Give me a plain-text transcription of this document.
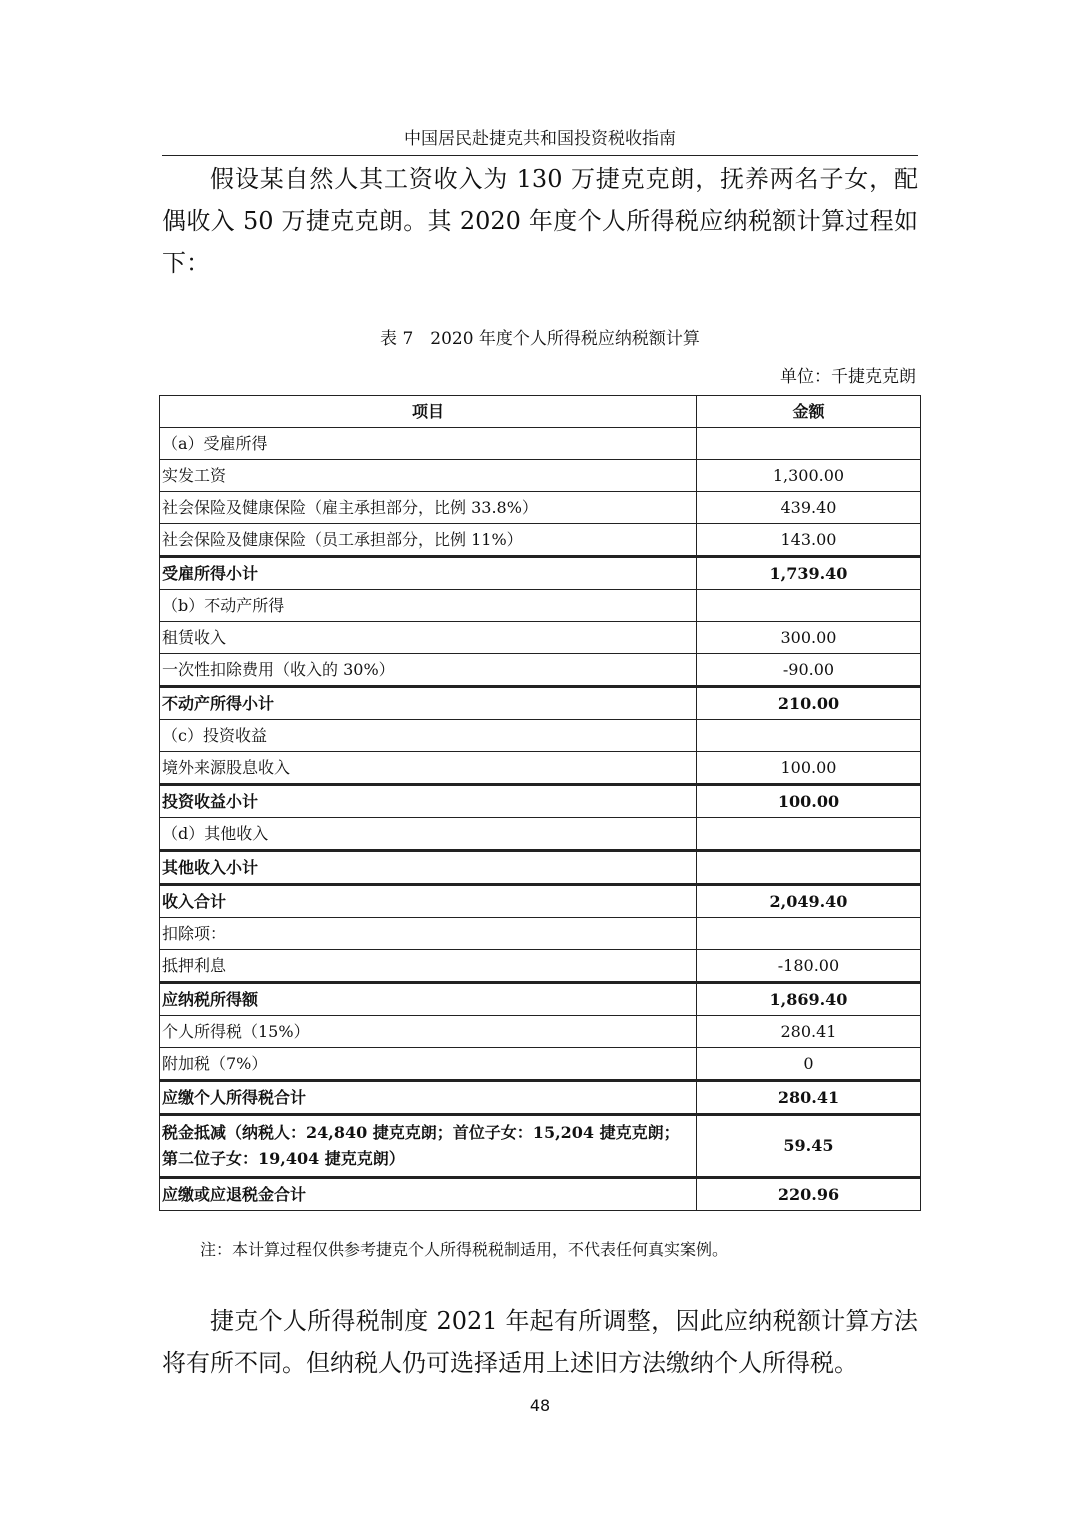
中国居民赴捷克共和国投资税收指南

假设某自然人其工资收入为 130 万捷克克朗，抚养两名子女，配偶收入 50 万捷克克朗。其 2020 年度个人所得税应纳税额计算过程如下：

表 7　2020 年度个人所得税应纳税额计算
单位：千捷克克朗
项目	金额
（a）受雇所得	
实发工资	1,300.00
社会保险及健康保险（雇主承担部分，比例 33.8%）	439.40
社会保险及健康保险（员工承担部分，比例 11%）	143.00
受雇所得小计	1,739.40
（b）不动产所得	
租赁收入	300.00
一次性扣除费用（收入的 30%）	-90.00
不动产所得小计	210.00
（c）投资收益	
境外来源股息收入	100.00
投资收益小计	100.00
（d）其他收入	
其他收入小计	
收入合计	2,049.40
扣除项：	
抵押利息	-180.00
应纳税所得额	1,869.40
个人所得税（15%）	280.41
附加税（7%）	0
应缴个人所得税合计	280.41
税金抵减（纳税人：24,840 捷克克朗；首位子女：15,204 捷克克朗；第二位子女：19,404 捷克克朗）	59.45
应缴或应退税金合计	220.96
注：本计算过程仅供参考捷克个人所得税税制适用，不代表任何真实案例。

捷克个人所得税制度 2021 年起有所调整，因此应纳税额计算方法将有所不同。但纳税人仍可选择适用上述旧方法缴纳个人所得税。

48
